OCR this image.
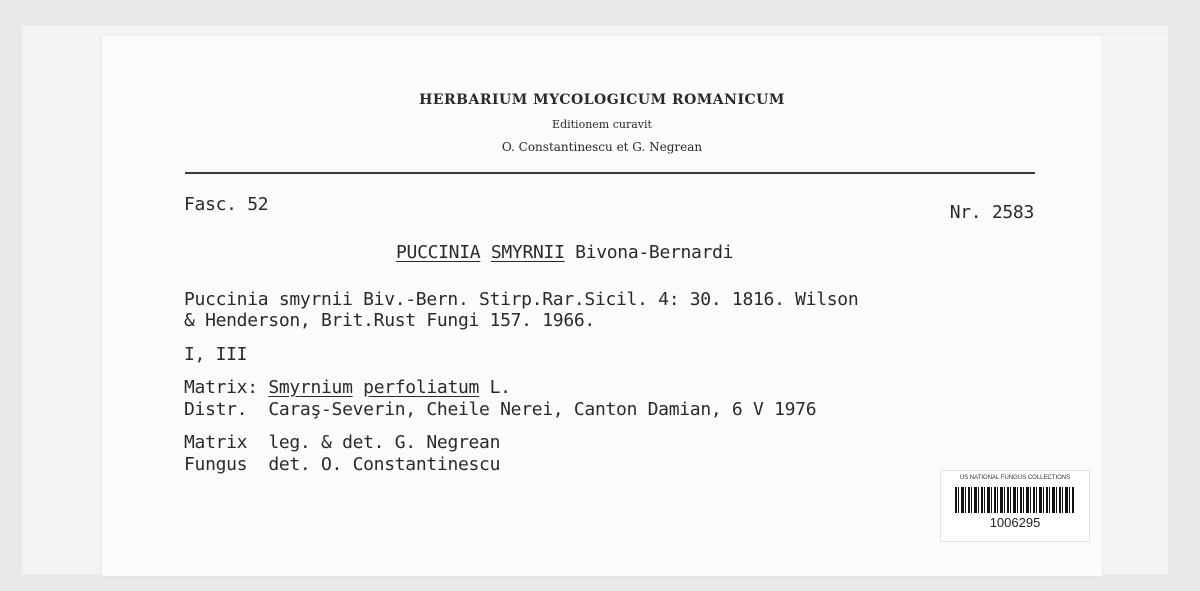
HERBARIUM MYCOLOGICUM ROMANICUM
Editionem curavit
O. Constantinescu et G. Negrean
Fasc. 52	Nr. 2583
PUCCINIA SMYRNII Bivona-Bernardi
Puccinia smyrnii Biv.-Bern. Stirp.Rar.Sicil. 4: 30. 1816. Wilson
& Henderson, Brit.Rust Fungi 157. 1966.
I, III
Matrix: Smyrnium perfoliatum L.
Distr. Caraş-Severin, Cheile Nerei, Canton Damian, 6 V 1976
Matrix leg. & det. G. Negrean
Fungus det. O. Constantinescu
US NATIONAL FUNGUS COLLECTIONS
1006295
